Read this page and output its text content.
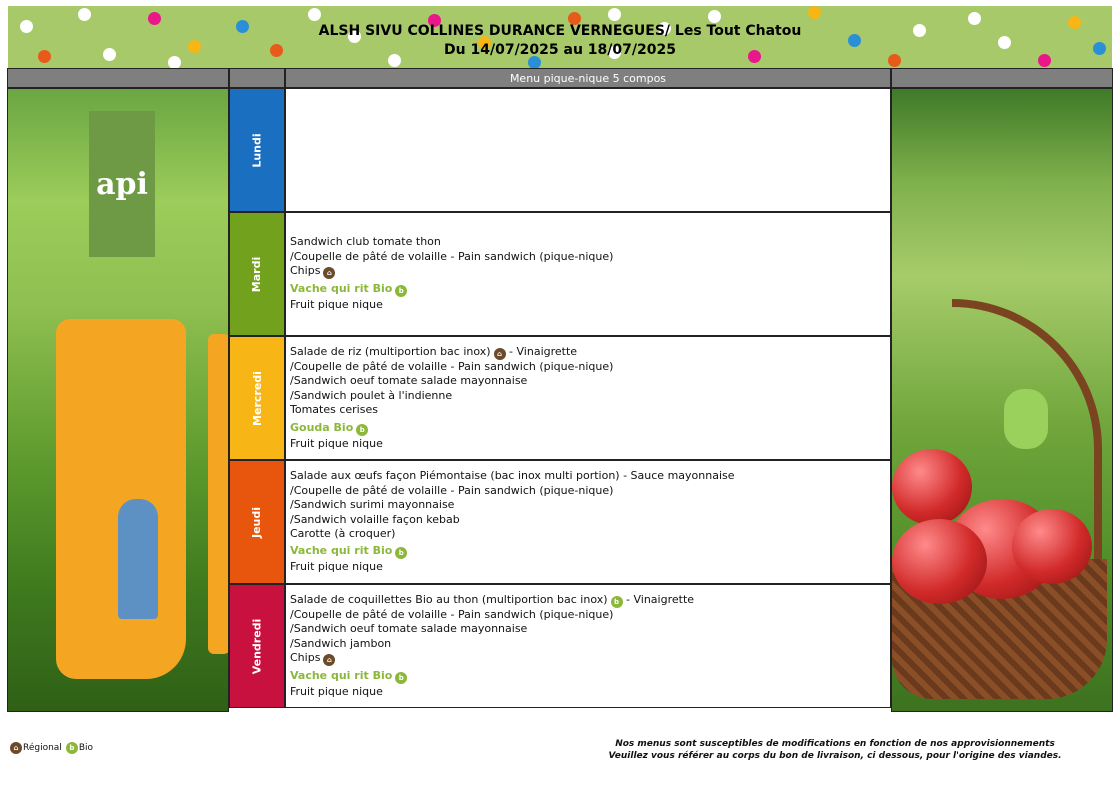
ALSH SIVU COLLINES DURANCE VERNEGUES/ Les Tout Chatou
Du 14/07/2025 au 18/07/2025
Menu pique-nique 5 compos
api
Lundi
Mardi
Sandwich club tomate thon
/Coupelle de pâté de volaille - Pain sandwich (pique-nique)
Chips ⌂
Vache qui rit Bio b
Fruit pique nique
Mercredi
Salade de riz (multiportion bac inox) ⌂ - Vinaigrette
/Coupelle de pâté de volaille - Pain sandwich (pique-nique)
/Sandwich oeuf tomate salade mayonnaise
/Sandwich poulet à l'indienne
Tomates cerises
Gouda Bio b
Fruit pique nique
Jeudi
Salade aux œufs façon Piémontaise (bac inox multi portion) - Sauce mayonnaise
/Coupelle de pâté de volaille - Pain sandwich (pique-nique)
/Sandwich surimi mayonnaise
/Sandwich volaille façon kebab
Carotte (à croquer)
Vache qui rit Bio b
Fruit pique nique
Vendredi
Salade de coquillettes Bio au thon (multiportion bac inox) b - Vinaigrette
/Coupelle de pâté de volaille - Pain sandwich (pique-nique)
/Sandwich oeuf tomate salade mayonnaise
/Sandwich jambon
Chips ⌂
Vache qui rit Bio b
Fruit pique nique
⌂ Régional	b Bio	Nos menus sont susceptibles de modifications en fonction de nos approvisionnements
Veuillez vous référer au corps du bon de livraison, ci dessous, pour l'origine des viandes.
